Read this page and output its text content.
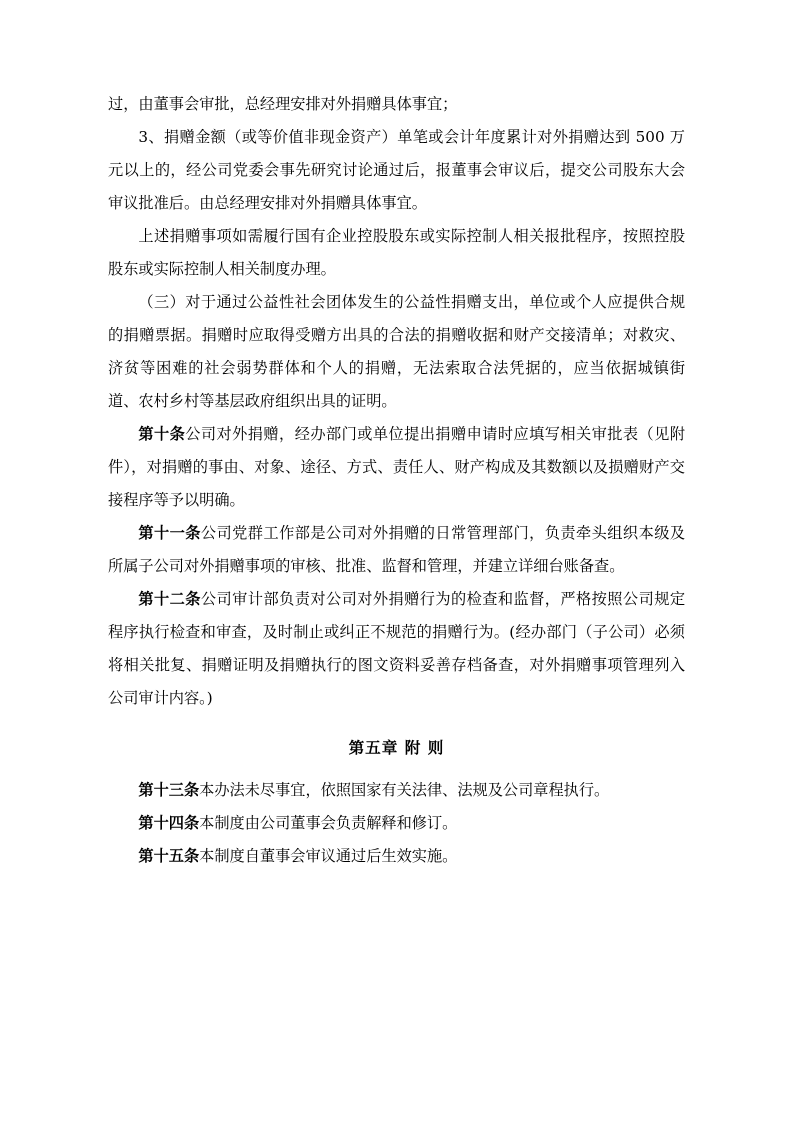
过，由董事会审批，总经理安排对外捐赠具体事宜；

3、捐赠金额（或等价值非现金资产）单笔或会计年度累计对外捐赠达到 500 万元以上的，经公司党委会事先研究讨论通过后，报董事会审议后，提交公司股东大会审议批准后。由总经理安排对外捐赠具体事宜。

上述捐赠事项如需履行国有企业控股股东或实际控制人相关报批程序，按照控股股东或实际控制人相关制度办理。

（三）对于通过公益性社会团体发生的公益性捐赠支出，单位或个人应提供合规的捐赠票据。捐赠时应取得受赠方出具的合法的捐赠收据和财产交接清单；对救灾、济贫等困难的社会弱势群体和个人的捐赠，无法索取合法凭据的，应当依据城镇街道、农村乡村等基层政府组织出具的证明。

第十条公司对外捐赠，经办部门或单位提出捐赠申请时应填写相关审批表（见附件），对捐赠的事由、对象、途径、方式、责任人、财产构成及其数额以及损赠财产交接程序等予以明确。

第十一条公司党群工作部是公司对外捐赠的日常管理部门，负责牵头组织本级及所属子公司对外捐赠事项的审核、批准、监督和管理，并建立详细台账备查。

第十二条公司审计部负责对公司对外捐赠行为的检查和监督，严格按照公司规定程序执行检查和审查，及时制止或纠正不规范的捐赠行为。(经办部门（子公司）必须将相关批复、捐赠证明及捐赠执行的图文资料妥善存档备查，对外捐赠事项管理列入公司审计内容。)

第五章 附 则

第十三条本办法未尽事宜，依照国家有关法律、法规及公司章程执行。

第十四条本制度由公司董事会负责解释和修订。

第十五条本制度自董事会审议通过后生效实施。
